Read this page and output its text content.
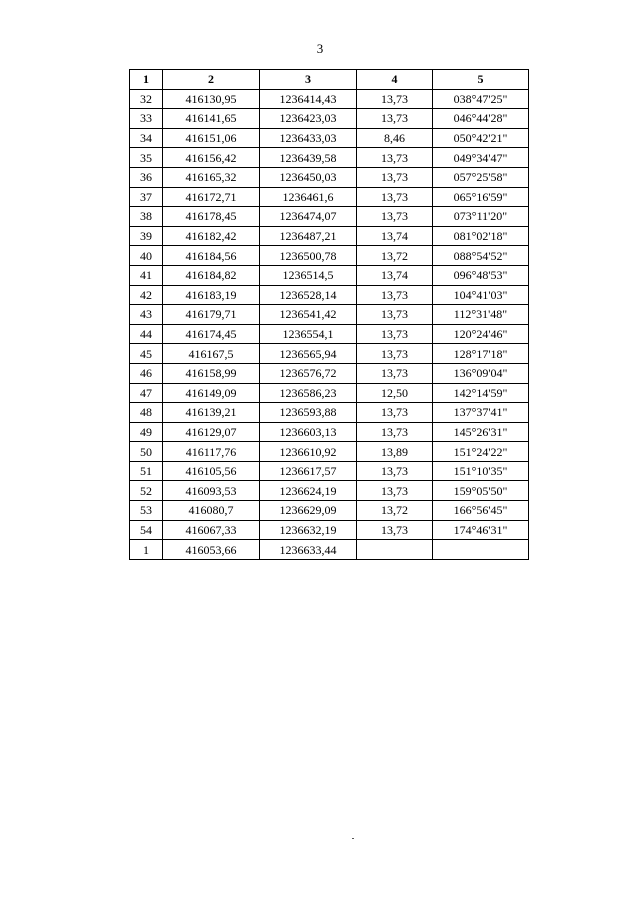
3
1	2	3	4	5
32	416130,95	1236414,43	13,73	038°47'25"
33	416141,65	1236423,03	13,73	046°44'28"
34	416151,06	1236433,03	8,46	050°42'21"
35	416156,42	1236439,58	13,73	049°34'47"
36	416165,32	1236450,03	13,73	057°25'58"
37	416172,71	1236461,6	13,73	065°16'59"
38	416178,45	1236474,07	13,73	073°11'20"
39	416182,42	1236487,21	13,74	081°02'18"
40	416184,56	1236500,78	13,72	088°54'52"
41	416184,82	1236514,5	13,74	096°48'53"
42	416183,19	1236528,14	13,73	104°41'03"
43	416179,71	1236541,42	13,73	112°31'48"
44	416174,45	1236554,1	13,73	120°24'46"
45	416167,5	1236565,94	13,73	128°17'18"
46	416158,99	1236576,72	13,73	136°09'04"
47	416149,09	1236586,23	12,50	142°14'59"
48	416139,21	1236593,88	13,73	137°37'41"
49	416129,07	1236603,13	13,73	145°26'31"
50	416117,76	1236610,92	13,89	151°24'22"
51	416105,56	1236617,57	13,73	151°10'35"
52	416093,53	1236624,19	13,73	159°05'50"
53	416080,7	1236629,09	13,72	166°56'45"
54	416067,33	1236632,19	13,73	174°46'31"
1	416053,66	1236633,44		
